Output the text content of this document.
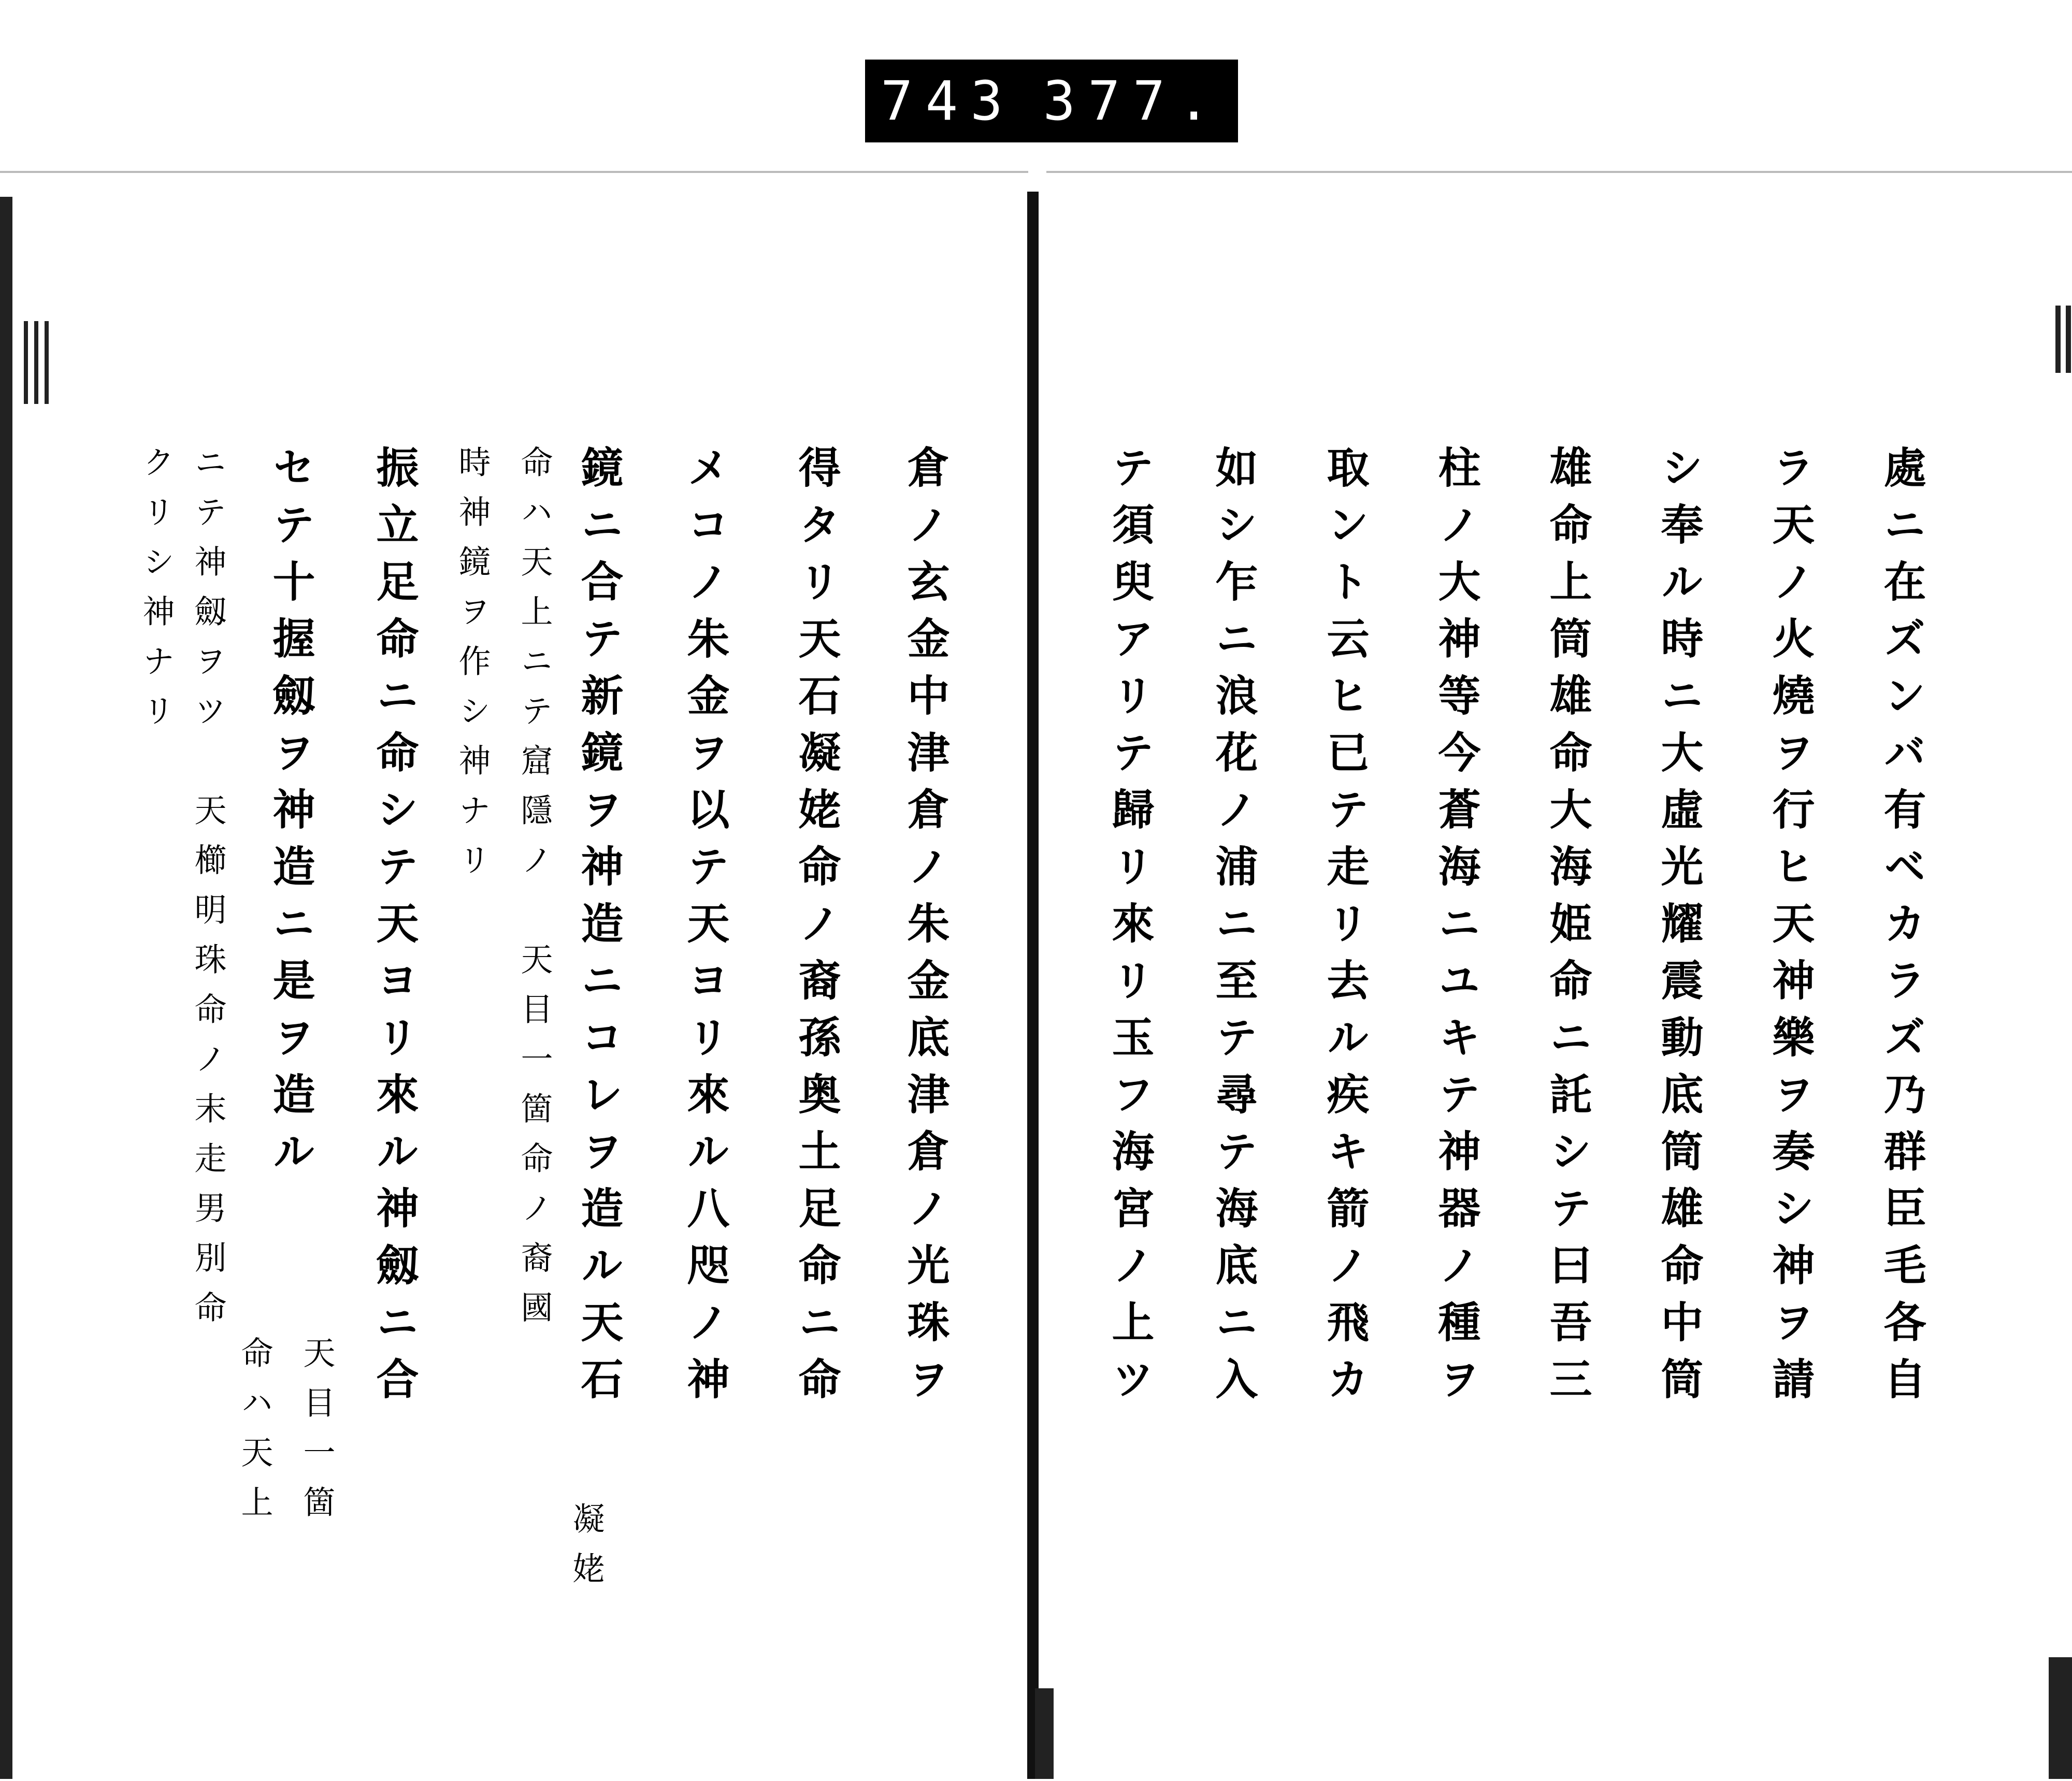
743 377.
處ニ在ズンバ有ベカラズ乃群臣毛各自
ラ天ノ火燒ヲ行ヒ天神樂ヲ奏シ神ヲ請
シ奉ル時ニ大虛光耀震動底筒雄命中筒
雄命上筒雄命大海姫命ニ託シテ曰吾三
柱ノ大神等今蒼海ニユキテ神器ノ種ヲ
取ント云ヒ已テ走リ去ル疾キ箭ノ飛カ
如シ乍ニ浪花ノ浦ニ至テ尋テ海底ニ入
テ須臾アリテ歸リ來リ玉フ海宮ノ上ツ
倉ノ玄金中津倉ノ朱金底津倉ノ光珠ヲ
得タリ天石凝姥命ノ裔孫奥土足命ニ命
メコノ朱金ヲ以テ天ヨリ來ル八咫ノ神
鏡ニ合テ新鏡ヲ神造ニコレヲ造ル天石
命ハ天上ニテ窟隱ノ　天目一箇命ノ裔國
時神鏡ヲ作シ神ナリ
振立足命ニ命シテ天ヨリ來ル神劔ニ合
セテ十握劔ヲ神造ニ是ヲ造ル
ニテ神劔ヲツ　天櫛明珠命ノ末走男別命
クリシ神ナリ
凝姥
天目一箇
命ハ天上
